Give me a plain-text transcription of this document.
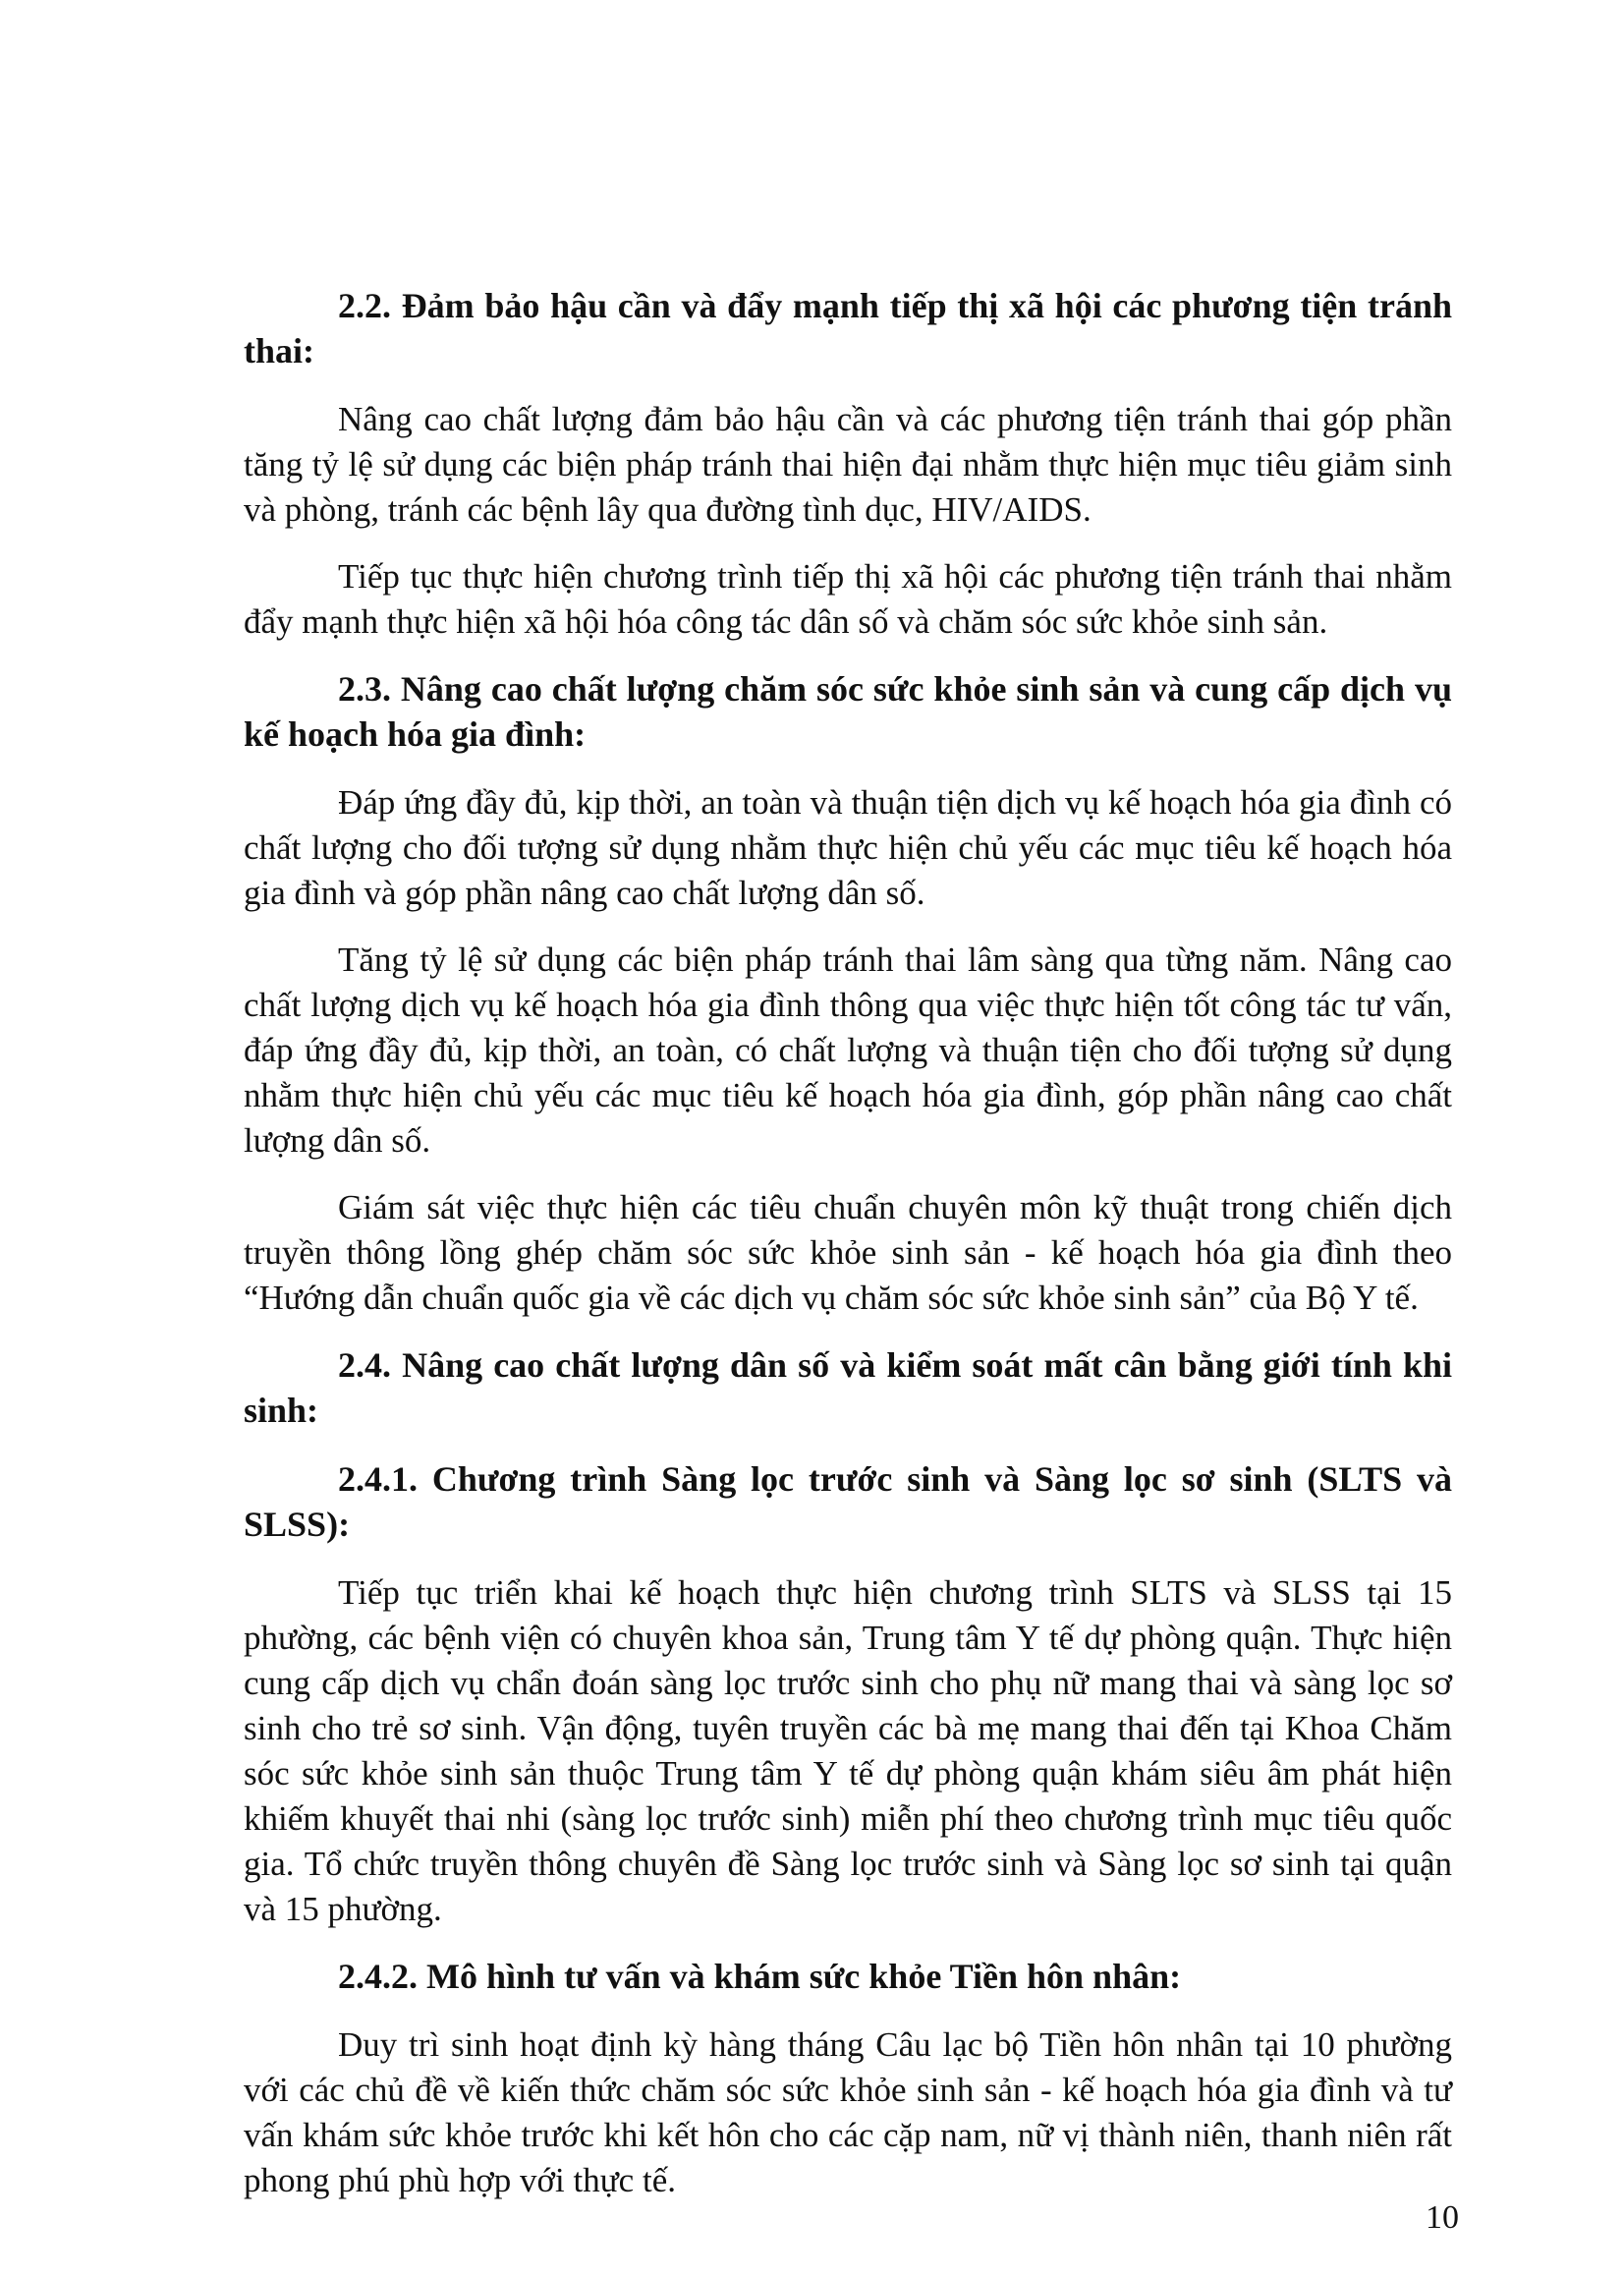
2.2. Đảm bảo hậu cần và đẩy mạnh tiếp thị xã hội các phương tiện tránh thai:
Nâng cao chất lượng đảm bảo hậu cần và các phương tiện tránh thai góp phần tăng tỷ lệ sử dụng các biện pháp tránh thai hiện đại nhằm thực hiện mục tiêu giảm sinh và phòng, tránh các bệnh lây qua đường tình dục, HIV/AIDS.
Tiếp tục thực hiện chương trình tiếp thị xã hội các phương tiện tránh thai nhằm đẩy mạnh thực hiện xã hội hóa công tác dân số và chăm sóc sức khỏe sinh sản.
2.3. Nâng cao chất lượng chăm sóc sức khỏe sinh sản và cung cấp dịch vụ kế hoạch hóa gia đình:
Đáp ứng đầy đủ, kịp thời, an toàn và thuận tiện dịch vụ kế hoạch hóa gia đình có chất lượng cho đối tượng sử dụng nhằm thực hiện chủ yếu các mục tiêu kế hoạch hóa gia đình và góp phần nâng cao chất lượng dân số.
Tăng tỷ lệ sử dụng các biện pháp tránh thai lâm sàng qua từng năm. Nâng cao chất lượng dịch vụ kế hoạch hóa gia đình thông qua việc thực hiện tốt công tác tư vấn, đáp ứng đầy đủ, kịp thời, an toàn, có chất lượng và thuận tiện cho đối tượng sử dụng nhằm thực hiện chủ yếu các mục tiêu kế hoạch hóa gia đình, góp phần nâng cao chất lượng dân số.
Giám sát việc thực hiện các tiêu chuẩn chuyên môn kỹ thuật trong chiến dịch truyền thông lồng ghép chăm sóc sức khỏe sinh sản - kế hoạch hóa gia đình theo “Hướng dẫn chuẩn quốc gia về các dịch vụ chăm sóc sức khỏe sinh sản” của Bộ Y tế.
2.4. Nâng cao chất lượng dân số và kiểm soát mất cân bằng giới tính khi sinh:
2.4.1. Chương trình Sàng lọc trước sinh và Sàng lọc sơ sinh (SLTS và SLSS):
Tiếp tục triển khai kế hoạch thực hiện chương trình SLTS và SLSS tại 15 phường, các bệnh viện có chuyên khoa sản, Trung tâm Y tế dự phòng quận. Thực hiện cung cấp dịch vụ chẩn đoán sàng lọc trước sinh cho phụ nữ mang thai và sàng lọc sơ sinh cho trẻ sơ sinh. Vận động, tuyên truyền các bà mẹ mang thai đến tại Khoa Chăm sóc sức khỏe sinh sản thuộc Trung tâm Y tế dự phòng quận khám siêu âm phát hiện khiếm khuyết thai nhi (sàng lọc trước sinh) miễn phí theo chương trình mục tiêu quốc gia. Tổ chức truyền thông chuyên đề Sàng lọc trước sinh và Sàng lọc sơ sinh tại quận và 15 phường.
2.4.2. Mô hình tư vấn và khám sức khỏe Tiền hôn nhân:
Duy trì sinh hoạt định kỳ hàng tháng Câu lạc bộ Tiền hôn nhân tại 10 phường với các chủ đề về kiến thức chăm sóc sức khỏe sinh sản - kế hoạch hóa gia đình và tư vấn khám sức khỏe trước khi kết hôn cho các cặp nam, nữ vị thành niên, thanh niên rất phong phú phù hợp với thực tế.
10
